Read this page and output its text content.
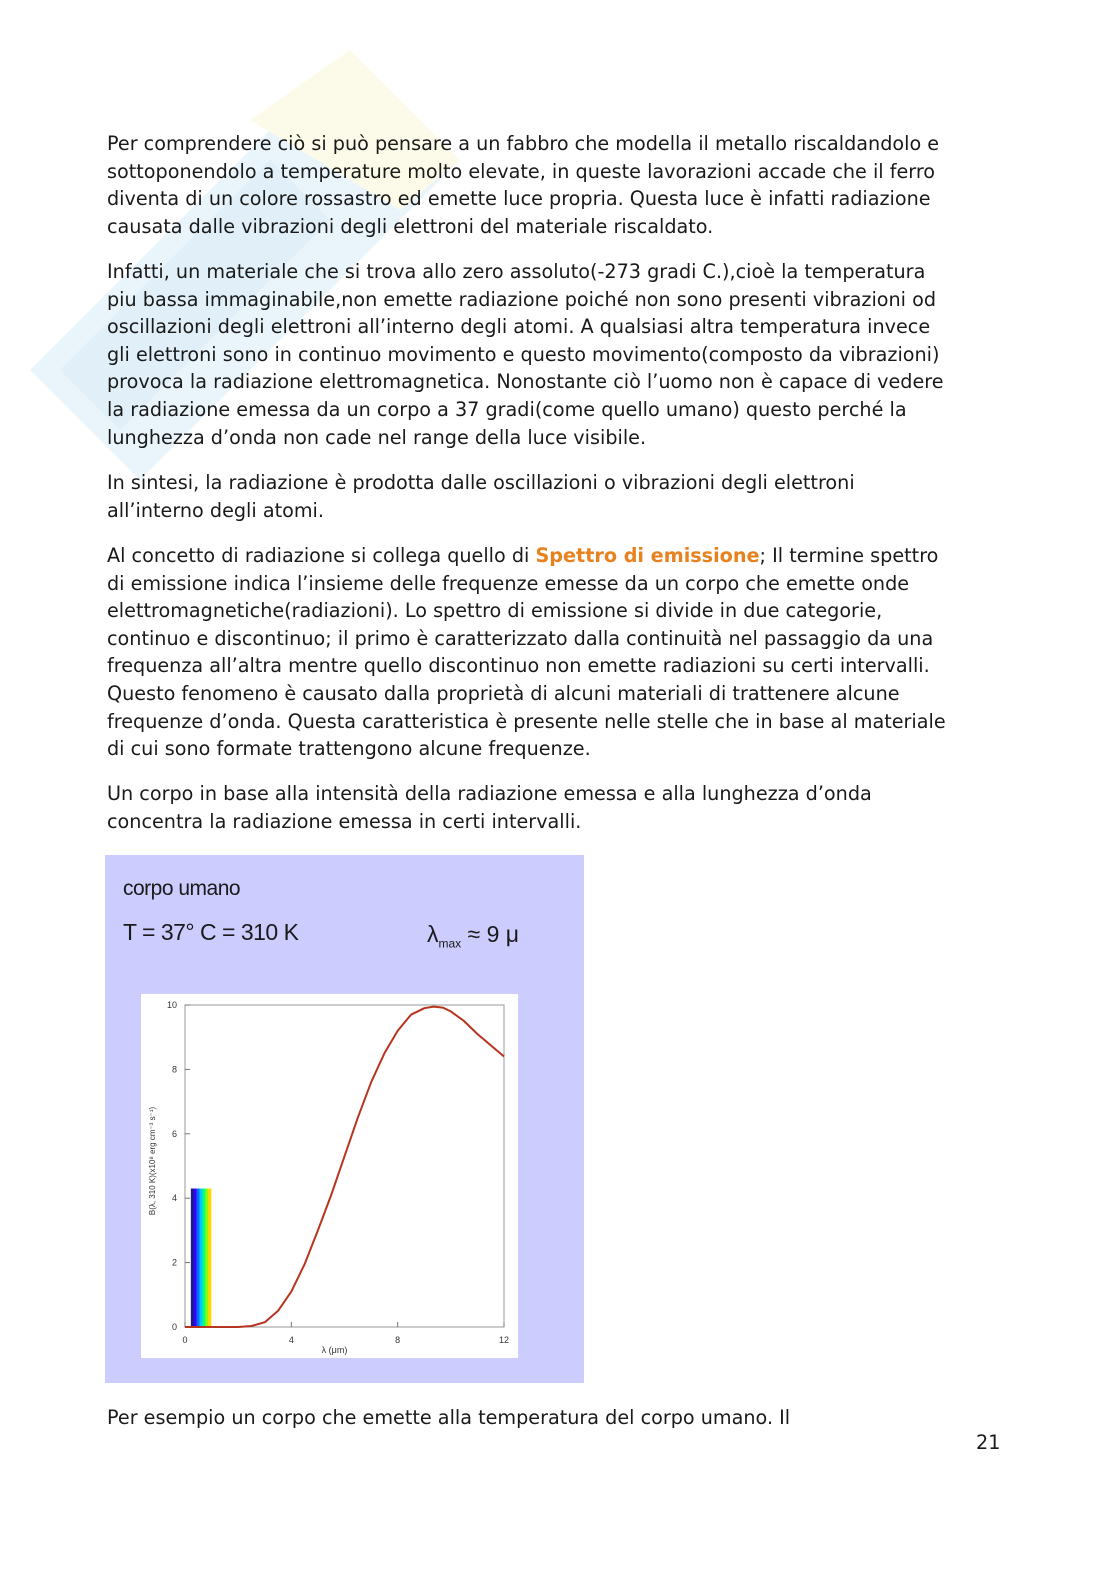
Per comprendere ciò si può pensare a un fabbro che modella il metallo riscaldandolo e

sottoponendolo a temperature molto elevate, in queste lavorazioni accade che il ferro

diventa di un colore rossastro ed emette luce propria. Questa luce è infatti radiazione

causata dalle vibrazioni degli elettroni del materiale riscaldato.

Infatti, un materiale che si trova allo zero assoluto(-273 gradi C.),cioè la temperatura

piu bassa immaginabile,non emette radiazione poiché non sono presenti vibrazioni od

oscillazioni degli elettroni all’interno degli atomi. A qualsiasi altra temperatura invece

gli elettroni sono in continuo movimento e questo movimento(composto da vibrazioni)

provoca la radiazione elettromagnetica. Nonostante ciò l’uomo non è capace di vedere

la radiazione emessa da un corpo a 37 gradi(come quello umano) questo perché la

lunghezza d’onda non cade nel range della luce visibile.

In sintesi, la radiazione è prodotta dalle oscillazioni o vibrazioni degli elettroni

all’interno degli atomi.

Al concetto di radiazione si collega quello di Spettro di emissione; Il termine spettro

di emissione indica l’insieme delle frequenze emesse da un corpo che emette onde

elettromagnetiche(radiazioni). Lo spettro di emissione si divide in due categorie,

continuo e discontinuo; il primo è caratterizzato dalla continuità nel passaggio da una

frequenza all’altra mentre quello discontinuo non emette radiazioni su certi intervalli.

Questo fenomeno è causato dalla proprietà di alcuni materiali di trattenere alcune

frequenze d’onda. Questa caratteristica è presente nelle stelle che in base al materiale

di cui sono formate trattengono alcune frequenze.

Un corpo in base alla intensità della radiazione emessa e alla lunghezza d’onda

concentra la radiazione emessa in certi intervalli.

corpo umano
T = 37° C = 310 K	$\lambda_{max} \approx 9$ μ
0	4	8	12
0
2
4
6
8
10
λ (μm)
B(λ, 310 K)(x10⁸ erg cm⁻³ s⁻¹)

Per esempio un corpo che emette alla temperatura del corpo umano. Il

21
